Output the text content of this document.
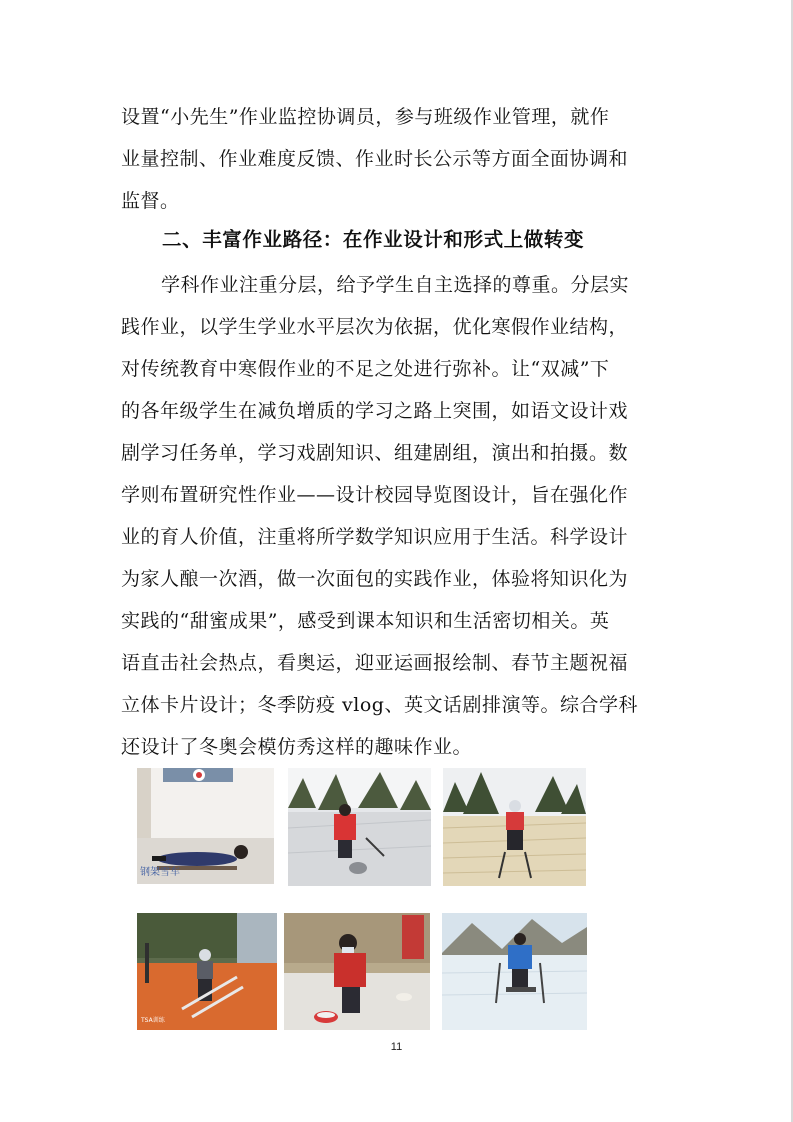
设置“小先生”作业监控协调员，参与班级作业管理，就作
业量控制、作业难度反馈、作业时长公示等方面全面协调和
监督。
二、丰富作业路径：在作业设计和形式上做转变
学科作业注重分层，给予学生自主选择的尊重。分层实
践作业，以学生学业水平层次为依据，优化寒假作业结构，
对传统教育中寒假作业的不足之处进行弥补。让“双减”下
的各年级学生在减负增质的学习之路上突围，如语文设计戏
剧学习任务单，学习戏剧知识、组建剧组，演出和拍摄。数
学则布置研究性作业——设计校园导览图设计，旨在强化作
业的育人价值，注重将所学数学知识应用于生活。科学设计
为家人酿一次酒，做一次面包的实践作业，体验将知识化为
实践的“甜蜜成果”，感受到课本知识和生活密切相关。英
语直击社会热点，看奥运，迎亚运画报绘制、春节主题祝福
立体卡片设计；冬季防疫 vlog、英文话剧排演等。综合学科
还设计了冬奥会模仿秀这样的趣味作业。
钢架雪车
TSA训练
11
